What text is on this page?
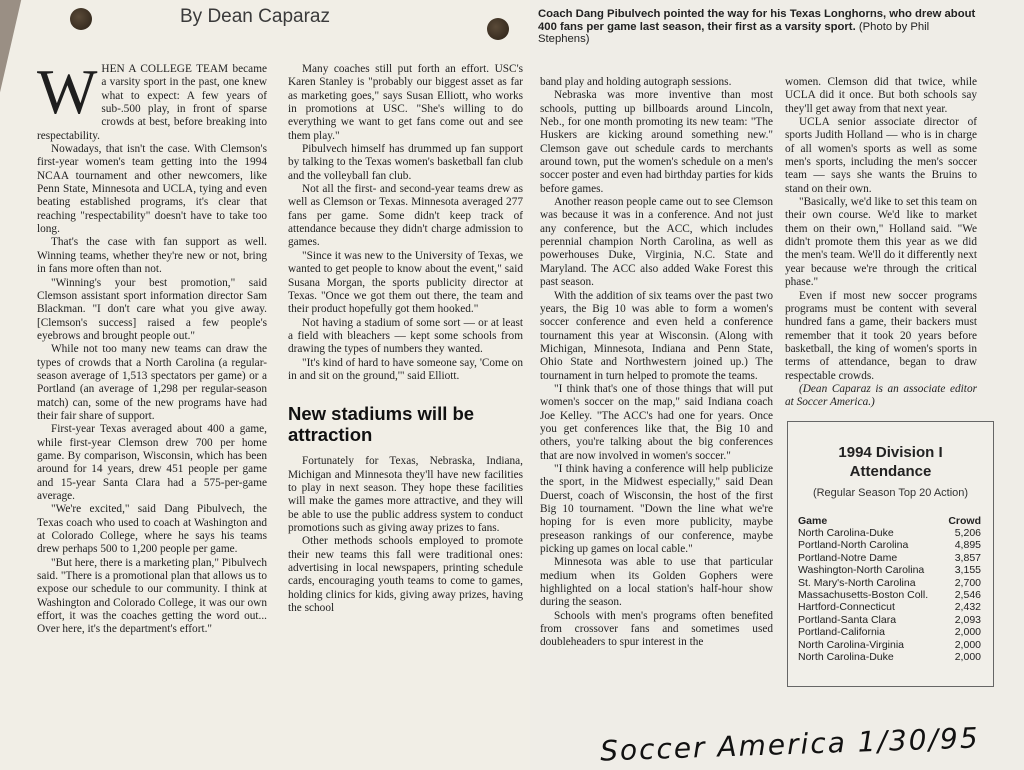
By Dean Caparaz	Coach Dang Pibulvech pointed the way for his Texas Longhorns, who drew about 400 fans per game last season, their first as a varsity sport. (Photo by Phil Stephens)

WHEN A COLLEGE TEAM became a varsity sport in the past, one knew what to expect: A few years of sub-.500 play, in front of sparse crowds at best, before breaking into respectability.

Nowadays, that isn't the case. With Clemson's first-year women's team getting into the 1994 NCAA tournament and other newcomers, like Penn State, Minnesota and UCLA, tying and even beating established programs, it's clear that reaching "respectability" doesn't have to take too long.

That's the case with fan support as well. Winning teams, whether they're new or not, bring in fans more often than not.

"Winning's your best promotion," said Clemson assistant sport information director Sam Blackman. "I don't care what you give away. [Clemson's success] raised a few people's eyebrows and brought people out."

While not too many new teams can draw the types of crowds that a North Carolina (a regular-season average of 1,513 spectators per game) or a Portland (an average of 1,298 per regular-season match) can, some of the new programs have had their fair share of support.

First-year Texas averaged about 400 a game, while first-year Clemson drew 700 per home game. By comparison, Wisconsin, which has been around for 14 years, drew 451 people per game and 15-year Santa Clara had a 575-per-game average.

"We're excited," said Dang Pibulvech, the Texas coach who used to coach at Washington and at Colorado College, where he says his teams drew perhaps 500 to 1,200 people per game.

"But here, there is a marketing plan," Pibulvech said. "There is a promotional plan that allows us to expose our schedule to our community. I think at Washington and Colorado College, it was our own effort, it was the coaches getting the word out... Over here, it's the department's effort."

Many coaches still put forth an effort. USC's Karen Stanley is "probably our biggest asset as far as marketing goes," says Susan Elliott, who works in promotions at USC. "She's willing to do everything we want to get fans come out and see them play."

Pibulvech himself has drummed up fan support by talking to the Texas women's basketball fan club and the volleyball fan club.

Not all the first- and second-year teams drew as well as Clemson or Texas. Minnesota averaged 277 fans per game. Some didn't keep track of attendance because they didn't charge admission to games.

"Since it was new to the University of Texas, we wanted to get people to know about the event," said Susana Morgan, the sports publicity director at Texas. "Once we got them out there, the team and their product hopefully got them hooked."

Not having a stadium of some sort — or at least a field with bleachers — kept some schools from drawing the types of numbers they wanted.

"It's kind of hard to have someone say, 'Come on in and sit on the ground,'" said Elliott.

New stadiums will be attraction

Fortunately for Texas, Nebraska, Indiana, Michigan and Minnesota they'll have new facilities to play in next season. They hope these facilities will make the games more attractive, and they will be able to use the public address system to conduct promotions such as giving away prizes to fans.

Other methods schools employed to promote their new teams this fall were traditional ones: advertising in local newspapers, printing schedule cards, encouraging youth teams to come to games, holding clinics for kids, giving away prizes, having the school

band play and holding autograph sessions.

Nebraska was more inventive than most schools, putting up billboards around Lincoln, Neb., for one month promoting its new team: "The Huskers are kicking around something new." Clemson gave out schedule cards to merchants around town, put the women's schedule on a men's soccer poster and even had birthday parties for kids before games.

Another reason people came out to see Clemson was because it was in a conference. And not just any conference, but the ACC, which includes perennial champion North Carolina, as well as powerhouses Duke, Virginia, N.C. State and Maryland. The ACC also added Wake Forest this past season.

With the addition of six teams over the past two years, the Big 10 was able to form a women's soccer conference and even held a conference tournament this year at Wisconsin. (Along with Michigan, Minnesota, Indiana and Penn State, Ohio State and Northwestern joined up.) The tournament in turn helped to promote the teams.

"I think that's one of those things that will put women's soccer on the map," said Indiana coach Joe Kelley. "The ACC's had one for years. Once you get conferences like that, the Big 10 and others, you're talking about the big conferences that are now involved in women's soccer."

"I think having a conference will help publicize the sport, in the Midwest especially," said Dean Duerst, coach of Wisconsin, the host of the first Big 10 tournament. "Down the line what we're hoping for is even more publicity, maybe preseason rankings of our conference, maybe picking up games on local cable."

Minnesota was able to use that particular medium when its Golden Gophers were highlighted on a local station's half-hour show during the season.

Schools with men's programs often benefited from crossover fans and sometimes used doubleheaders to spur interest in the

women. Clemson did that twice, while UCLA did it once. But both schools say they'll get away from that next year.

UCLA senior associate director of sports Judith Holland — who is in charge of all women's sports as well as some men's sports, including the men's soccer team — says she wants the Bruins to stand on their own.

"Basically, we'd like to set this team on their own course. We'd like to market them on their own," Holland said. "We didn't promote them this year as we did the men's team. We'll do it differently next year because we're through the critical phase."

Even if most new soccer programs programs must be content with several hundred fans a game, their backers must remember that it took 20 years before basketball, the king of women's sports in terms of attendance, began to draw respectable crowds.

(Dean Caparaz is an associate editor at Soccer America.)

1994 Division I
Attendance
(Regular Season Top 20 Action)
Game	Crowd
North Carolina-Duke	5,206
Portland-North Carolina	4,895
Portland-Notre Dame	3,857
Washington-North Carolina	3,155
St. Mary's-North Carolina	2,700
Massachusetts-Boston Coll.	2,546
Hartford-Connecticut	2,432
Portland-Santa Clara	2,093
Portland-California	2,000
North Carolina-Virginia	2,000
North Carolina-Duke	2,000
Soccer America 1/30/95
